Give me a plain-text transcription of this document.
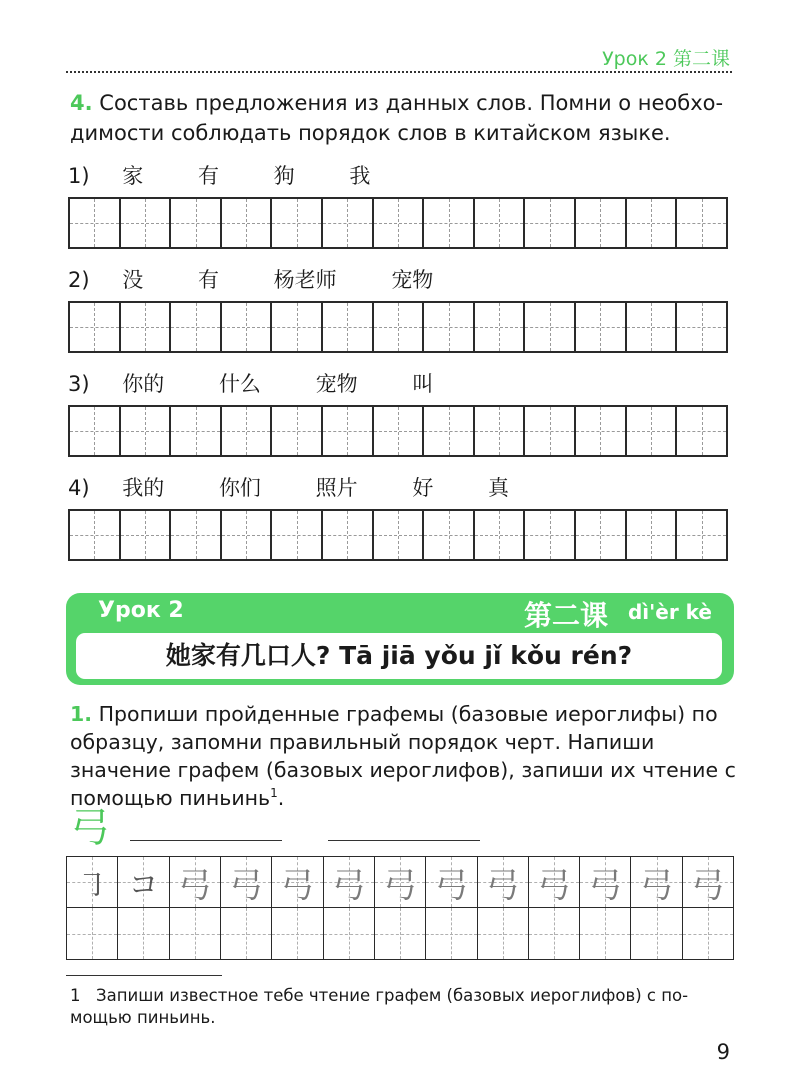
Урок 2 第二课
4. Составь предложения из данных слов. Помни о необходимости соблюдать порядок слов в китайском языке.
1) 家	有	狗	我
2) 没	有	杨老师	宠物
3) 你的	什么	宠物	叫
4) 我的	你们	照片	好	真
Урок 2	第二课 dì'èr kè
她家有几口人? Tā jiā yǒu jǐ kǒu rén?
1. Пропиши пройденные графемы (базовые иероглифы) по образцу, запомни правильный порядок черт. Напиши значение графем (базовых иероглифов), запиши их чтение с помощью пиньинь$^1$.
弓
㇆ コ 弓 弓 弓 弓 弓 弓 弓 弓 弓 弓 弓
1 Запиши известное тебе чтение графем (базовых иероглифов) с помощью пиньинь.
9
